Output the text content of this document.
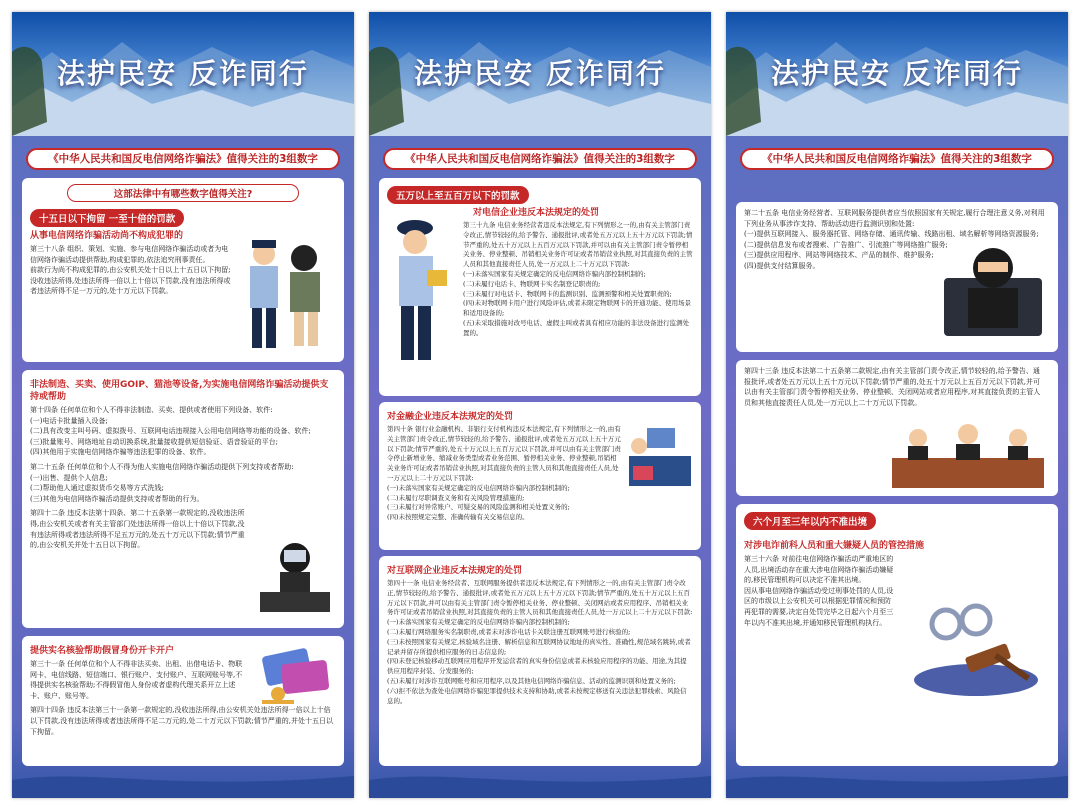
法护民安 反诈同行
《中华人民共和国反电信网络诈骗法》值得关注的3组数字
这部法律中有哪些数字值得关注?
十五日以下拘留 一至十倍的罚款
从事电信网络诈骗活动尚不构成犯罪的

第三十八条 组织、策划、实施、参与电信网络诈骗活动或者为电信网络诈骗活动提供帮助,构成犯罪的,依法追究刑事责任。
前款行为尚不构成犯罪的,由公安机关处十日以上十五日以下拘留;没收违法所得,处违法所得一倍以上十倍以下罚款,没有违法所得或者违法所得不足一万元的,处十万元以下罚款。

非法制造、买卖、使用GOIP、猫池等设备,为实施电信网络诈骗活动提供支持或帮助

第十四条 任何单位和个人不得非法制造、买卖、提供或者使用下列设备、软件:
(一)电话卡批量插入设备;
(二)具有改变主叫号码、虚拟拨号、互联网电话违规接入公用电信网络等功能的设备、软件;
(三)批量账号、网络地址自动切换系统,批量接收提供短信验证、语音验证的平台;
(四)其他用于实施电信网络诈骗等违法犯罪的设备、软件。

第二十五条 任何单位和个人不得为他人实施电信网络诈骗活动提供下列支持或者帮助:
(一)出售、提供个人信息;
(二)帮助他人通过虚拟货币交易等方式洗钱;
(三)其他为电信网络诈骗活动提供支持或者帮助的行为。

第四十二条 违反本法第十四条、第二十五条第一款规定的,没收违法所得,由公安机关或者有关主管部门处违法所得一倍以上十倍以下罚款,没有违法所得或者违法所得不足五万元的,处五十万元以下罚款;情节严重的,由公安机关并处十五日以下拘留。

提供实名核验帮助假冒身份开卡开户

第三十一条 任何单位和个人不得非法买卖、出租、出借电话卡、物联网卡、电信线路、短信端口、银行账户、支付账户、互联网账号等,不得提供实名核验帮助;不得假冒他人身份或者虚构代理关系开立上述卡、账户、账号等。

第四十四条 违反本法第三十一条第一款规定的,没收违法所得,由公安机关处违法所得一倍以上十倍以下罚款,没有违法所得或者违法所得不足二万元的,处二十万元以下罚款;情节严重的,并处十五日以下拘留。

法护民安 反诈同行
《中华人民共和国反电信网络诈骗法》值得关注的3组数字
五万以上至五百万以下的罚款
对电信企业违反本法规定的处罚

第三十九条 电信业务经营者违反本法规定,有下列情形之一的,由有关主管部门责令改正,情节较轻的,给予警告、通报批评,或者处五万元以上五十万元以下罚款;情节严重的,处五十万元以上五百万元以下罚款,并可以由有关主管部门责令暂停相关业务、停业整顿、吊销相关业务许可证或者吊销营业执照,对其直接负责的主管人员和其他直接责任人员,处一万元以上二十万元以下罚款:
(一)未落实国家有关规定确定的反电信网络诈骗内部控制机制的;
(二)未履行电话卡、物联网卡实名制登记职责的;
(三)未履行对电话卡、物联网卡的监测识别、监测预警和相关处置职责的;
(四)未对物联网卡用户进行风险评估,或者未限定物联网卡的开通功能、使用场景和适用设备的;
(五)未采取措施对改号电话、虚假主叫或者具有相应功能的非法设备进行监测处置的。

对金融企业违反本法规定的处罚

第四十条 银行业金融机构、非银行支付机构违反本法规定,有下列情形之一的,由有关主管部门责令改正,情节较轻的,给予警告、通报批评,或者处五万元以上五十万元以下罚款;情节严重的,处五十万元以上五百万元以下罚款,并可以由有关主管部门责令停止新增业务、缩减业务类型或者业务范围、暂停相关业务、停业整顿,吊销相关业务许可证或者吊销营业执照,对其直接负责的主管人员和其他直接责任人员,处一万元以上二十万元以下罚款:
(一)未落实国家有关规定确定的反电信网络诈骗内部控制机制的;
(二)未履行尽职调查义务和有关风险管理措施的;
(三)未履行对异常账户、可疑交易的风险监测和相关处置义务的;
(四)未按照规定完整、准确传输有关交易信息的。

对互联网企业违反本法规定的处罚

第四十一条 电信业务经营者、互联网服务提供者违反本法规定,有下列情形之一的,由有关主管部门责令改正,情节较轻的,给予警告、通报批评,或者处五万元以上五十万元以下罚款;情节严重的,处五十万元以上五百万元以下罚款,并可以由有关主管部门责令暂停相关业务、停业整顿、关闭网站或者应用程序、吊销相关业务许可证或者吊销营业执照,对其直接负责的主管人员和其他直接责任人员,处一万元以上二十万元以下罚款:
(一)未落实国家有关规定确定的反电信网络诈骗内部控制机制的;
(二)未履行网络服务实名制职责,或者未对涉诈电话卡关联注册互联网账号进行核验的;
(三)未按照国家有关规定,核验域名注册、解析信息和互联网协议地址的真实性、准确性,规范域名跳转,或者记录并留存所提供相应服务的日志信息的;
(四)未登记核验移动互联网应用程序开发运营者的真实身份信息或者未核验应用程序的功能、用途,为其提供应用程序封装、分发服务的;
(五)未履行对涉诈互联网账号和应用程序,以及其他电信网络诈骗信息、活动的监测识别和处置义务的;
(六)拒不依法为查处电信网络诈骗犯罪提供技术支持和协助,或者未按规定移送有关违法犯罪线索、风险信息的。

法护民安 反诈同行
《中华人民共和国反电信网络诈骗法》值得关注的3组数字

第二十五条 电信业务经营者、互联网服务提供者应当依照国家有关规定,履行合理注意义务,对利用下列业务从事涉诈支持、帮助活动进行监测识别和处置:
(一)提供互联网接入、服务器托管、网络存储、通讯传输、线路出租、域名解析等网络资源服务;
(二)提供信息发布或者搜索、广告推广、引流推广等网络推广服务;
(三)提供应用程序、网站等网络技术、产品的制作、维护服务;
(四)提供支付结算服务。

第四十三条 违反本法第二十五条第二款规定,由有关主管部门责令改正,情节较轻的,给予警告、通报批评,或者处五万元以上五十万元以下罚款;情节严重的,处五十万元以上五百万元以下罚款,并可以由有关主管部门责令暂停相关业务、停业整顿、关闭网站或者应用程序,对其直接负责的主管人员和其他直接责任人员,处一万元以上二十万元以下罚款。

六个月至三年以内不准出境
对涉电诈前科人员和重大嫌疑人员的管控措施

第三十六条 对前往电信网络诈骗活动严重地区的人员,出境活动存在重大涉电信网络诈骗活动嫌疑的,移民管理机构可以决定不准其出境。
因从事电信网络诈骗活动受过刑事处罚的人员,设区的市级以上公安机关可以根据犯罪情况和预防再犯罪的需要,决定自处罚完毕之日起六个月至三年以内不准其出境,并通知移民管理机构执行。
